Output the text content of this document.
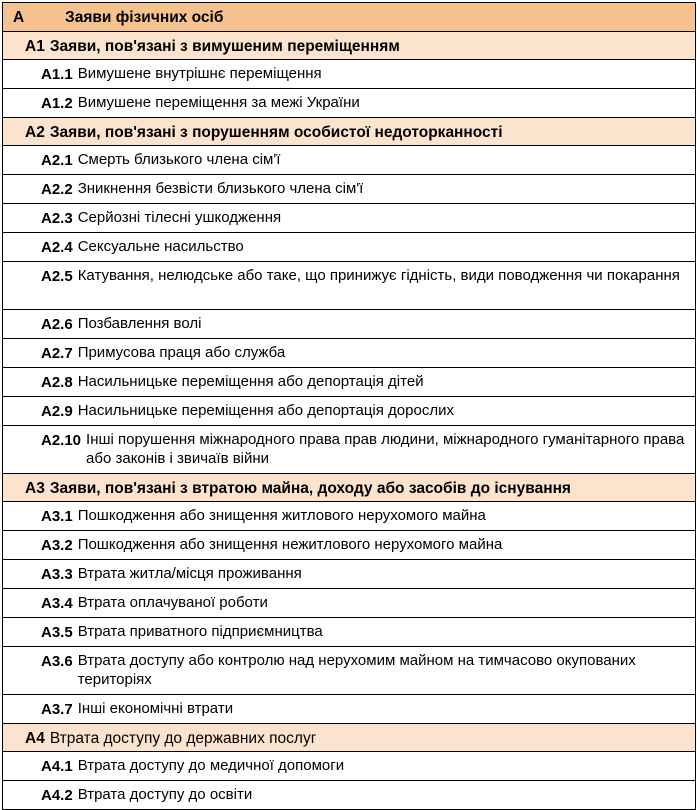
A	Заяви фізичних осіб
A1 Заяви, пов'язані з вимушеним переміщенням
A1.1 Вимушене внутрішнє переміщення
A1.2 Вимушене переміщення за межі України
A2 Заяви, пов'язані з порушенням особистої недоторканності
A2.1 Смерть близького члена сім'ї
A2.2 Зникнення безвісти близького члена сім'ї
A2.3 Серйозні тілесні ушкодження
A2.4 Сексуальне насильство
A2.5 Катування, нелюдське або таке, що принижує гідність, види поводження чи покарання
A2.6 Позбавлення волі
A2.7 Примусова праця або служба
A2.8 Насильницьке переміщення або депортація дітей
A2.9 Насильницьке переміщення або депортація дорослих
A2.10 Інші порушення міжнародного права прав людини, міжнародного гуманітарного права або законів і звичаїв війни
A3 Заяви, пов'язані з втратою майна, доходу або засобів до існування
A3.1 Пошкодження або знищення житлового нерухомого майна
A3.2 Пошкодження або знищення нежитлового нерухомого майна
A3.3 Втрата житла/місця проживання
A3.4 Втрата оплачуваної роботи
A3.5 Втрата приватного підприємництва
A3.6 Втрата доступу або контролю над нерухомим майном на тимчасово окупованих територіях
A3.7 Інші економічні втрати
A4 Втрата доступу до державних послуг
A4.1 Втрата доступу до медичної допомоги
A4.2 Втрата доступу до освіти
